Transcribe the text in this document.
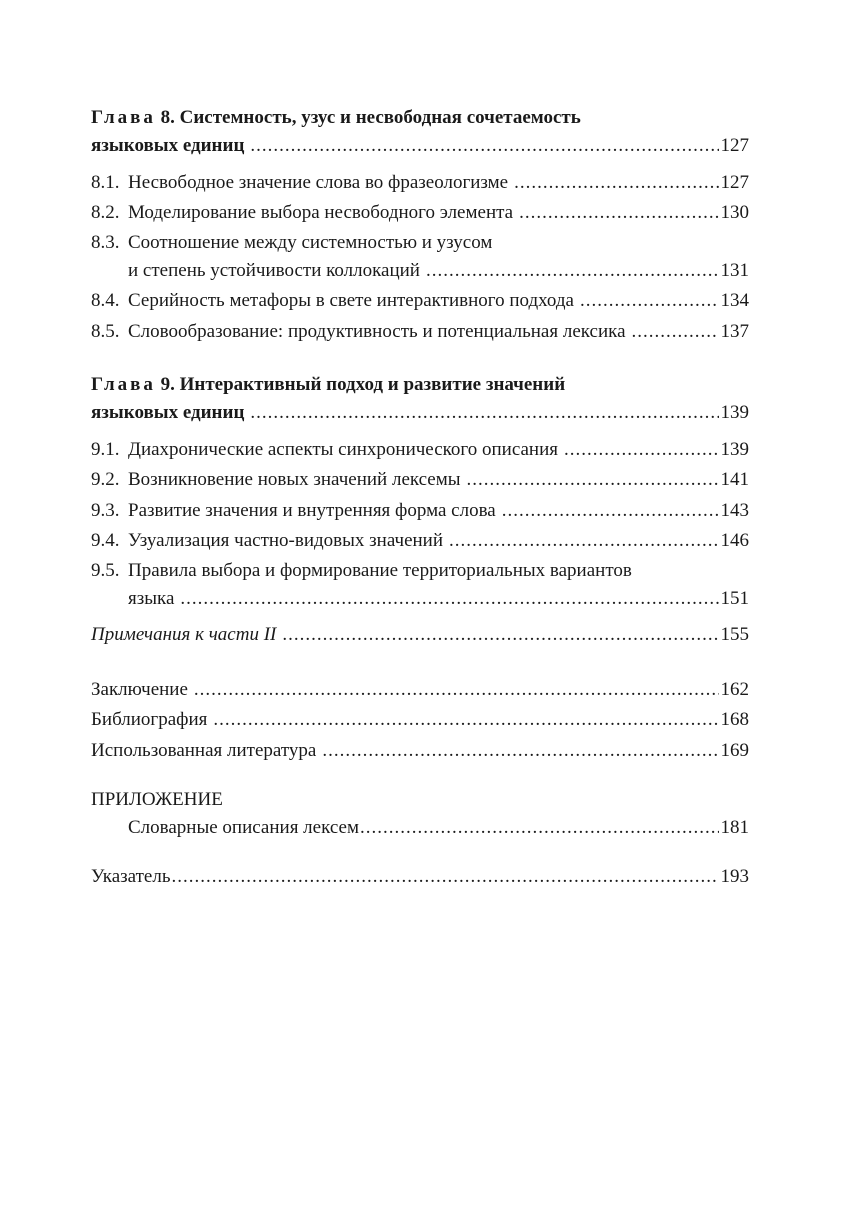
Глава
8.
Системность, узус и несвободная сочетаемость
языковых единиц .....	127
8.1. Несвободное значение слова во фразеологизме .....	127
8.2. Моделирование выбора несвободного элемента .....	130
8.3. Соотношение между системностью и узусом
и степень устойчивости коллокаций .....	131
8.4. Серийность метафоры в свете интерактивного подхода .....	134
8.5. Словообразование: продуктивность и потенциальная лексика .....	137
Глава
9.
Интерактивный подход и развитие значений
языковых единиц .....	139
9.1. Диахронические аспекты синхронического описания .....	139
9.2. Возникновение новых значений лексемы .....	141
9.3. Развитие значения и внутренняя форма слова .....	143
9.4. Узуализация частно-видовых значений .....	146
9.5. Правила выбора и формирование территориальных вариантов
языка .....	151
Примечания к части II .....	155
Заключение .....	162
Библиография .....	168
Использованная литература .....	169
ПРИЛОЖЕНИЕ
Словарные описания лексем .....	181
Указатель .....	193
